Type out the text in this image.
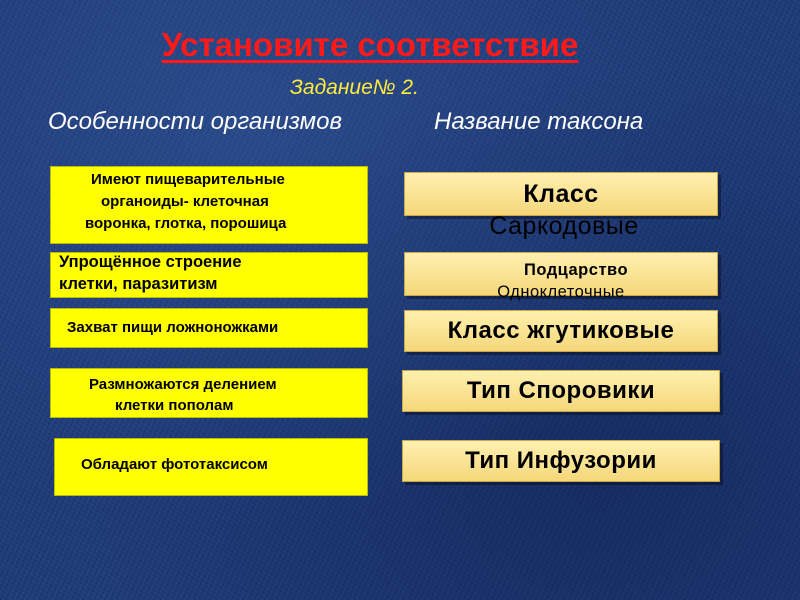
Установите соответствие
Задание№ 2.
Особенности организмов	Название таксона
Имеют пищеварительные
органоиды- клеточная
воронка, глотка, порошица
Упрощённое строение
клетки, паразитизм
Захват пищи ложноножками
Размножаются делением
клетки пополам
Обладают фототаксисом
Класс
Саркодовые
Подцарство
Одноклеточные
Класс жгутиковые
Тип Споровики
Тип Инфузории
